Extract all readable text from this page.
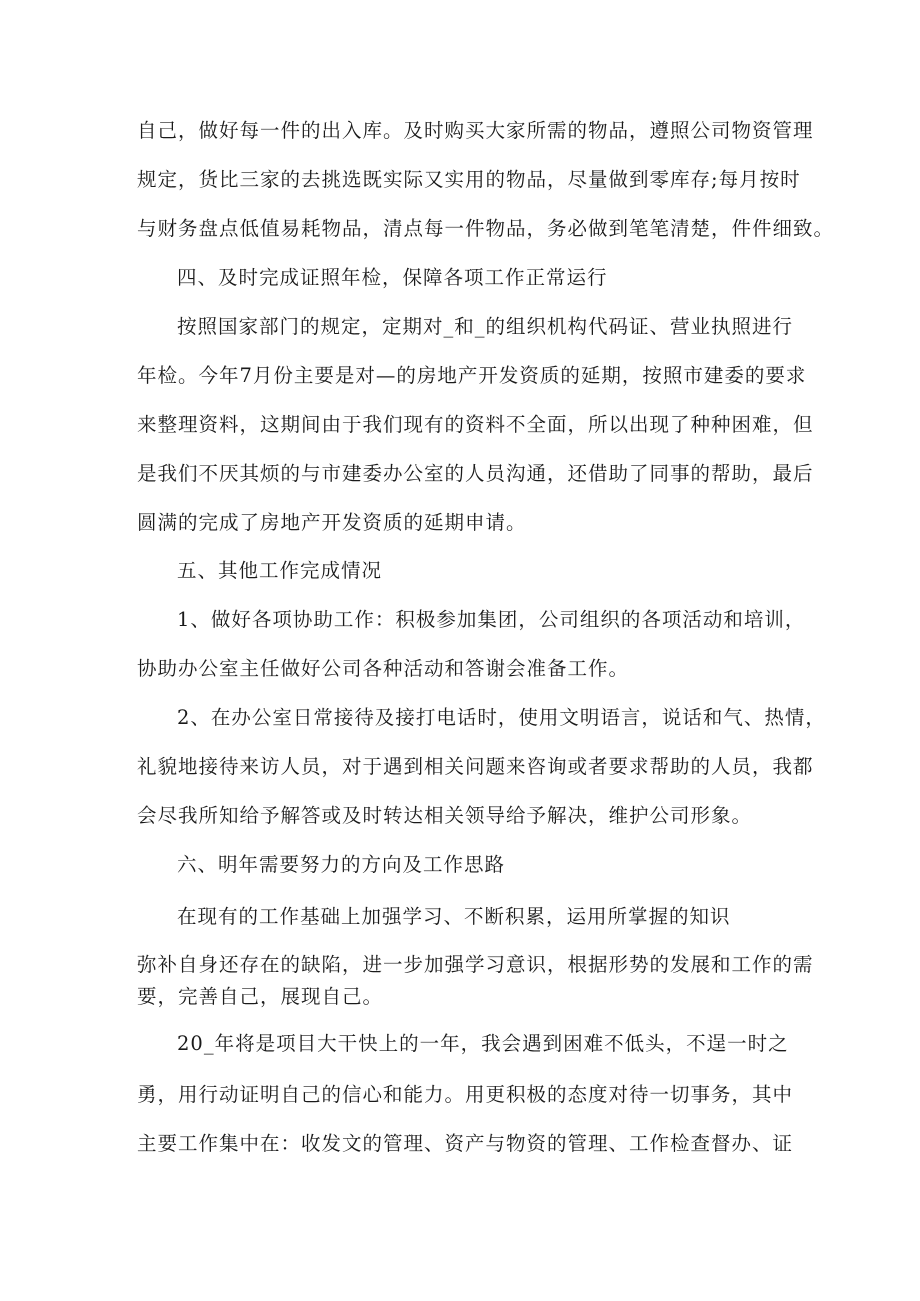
自己，做好每一件的出入库。及时购买大家所需的物品，遵照公司物资管理
规定，货比三家的去挑选既实际又实用的物品，尽量做到零库存;每月按时
与财务盘点低值易耗物品，清点每一件物品，务必做到笔笔清楚，件件细致。
四、及时完成证照年检，保障各项工作正常运行
按照国家部门的规定，定期对_和_的组织机构代码证、营业执照进行
年检。今年7月份主要是对—的房地产开发资质的延期，按照市建委的要求
来整理资料，这期间由于我们现有的资料不全面，所以出现了种种困难，但
是我们不厌其烦的与市建委办公室的人员沟通，还借助了同事的帮助，最后
圆满的完成了房地产开发资质的延期申请。
五、其他工作完成情况
1、做好各项协助工作：积极参加集团，公司组织的各项活动和培训，
协助办公室主任做好公司各种活动和答谢会准备工作。
2、在办公室日常接待及接打电话时，使用文明语言，说话和气、热情，
礼貌地接待来访人员，对于遇到相关问题来咨询或者要求帮助的人员，我都
会尽我所知给予解答或及时转达相关领导给予解决，维护公司形象。
六、明年需要努力的方向及工作思路
在现有的工作基础上加强学习、不断积累，运用所掌握的知识
弥补自身还存在的缺陷，进一步加强学习意识，根据形势的发展和工作的需
要，完善自己，展现自己。
20_年将是项目大干快上的一年，我会遇到困难不低头，不逞一时之
勇，用行动证明自己的信心和能力。用更积极的态度对待一切事务，其中
主要工作集中在：收发文的管理、资产与物资的管理、工作检查督办、证
